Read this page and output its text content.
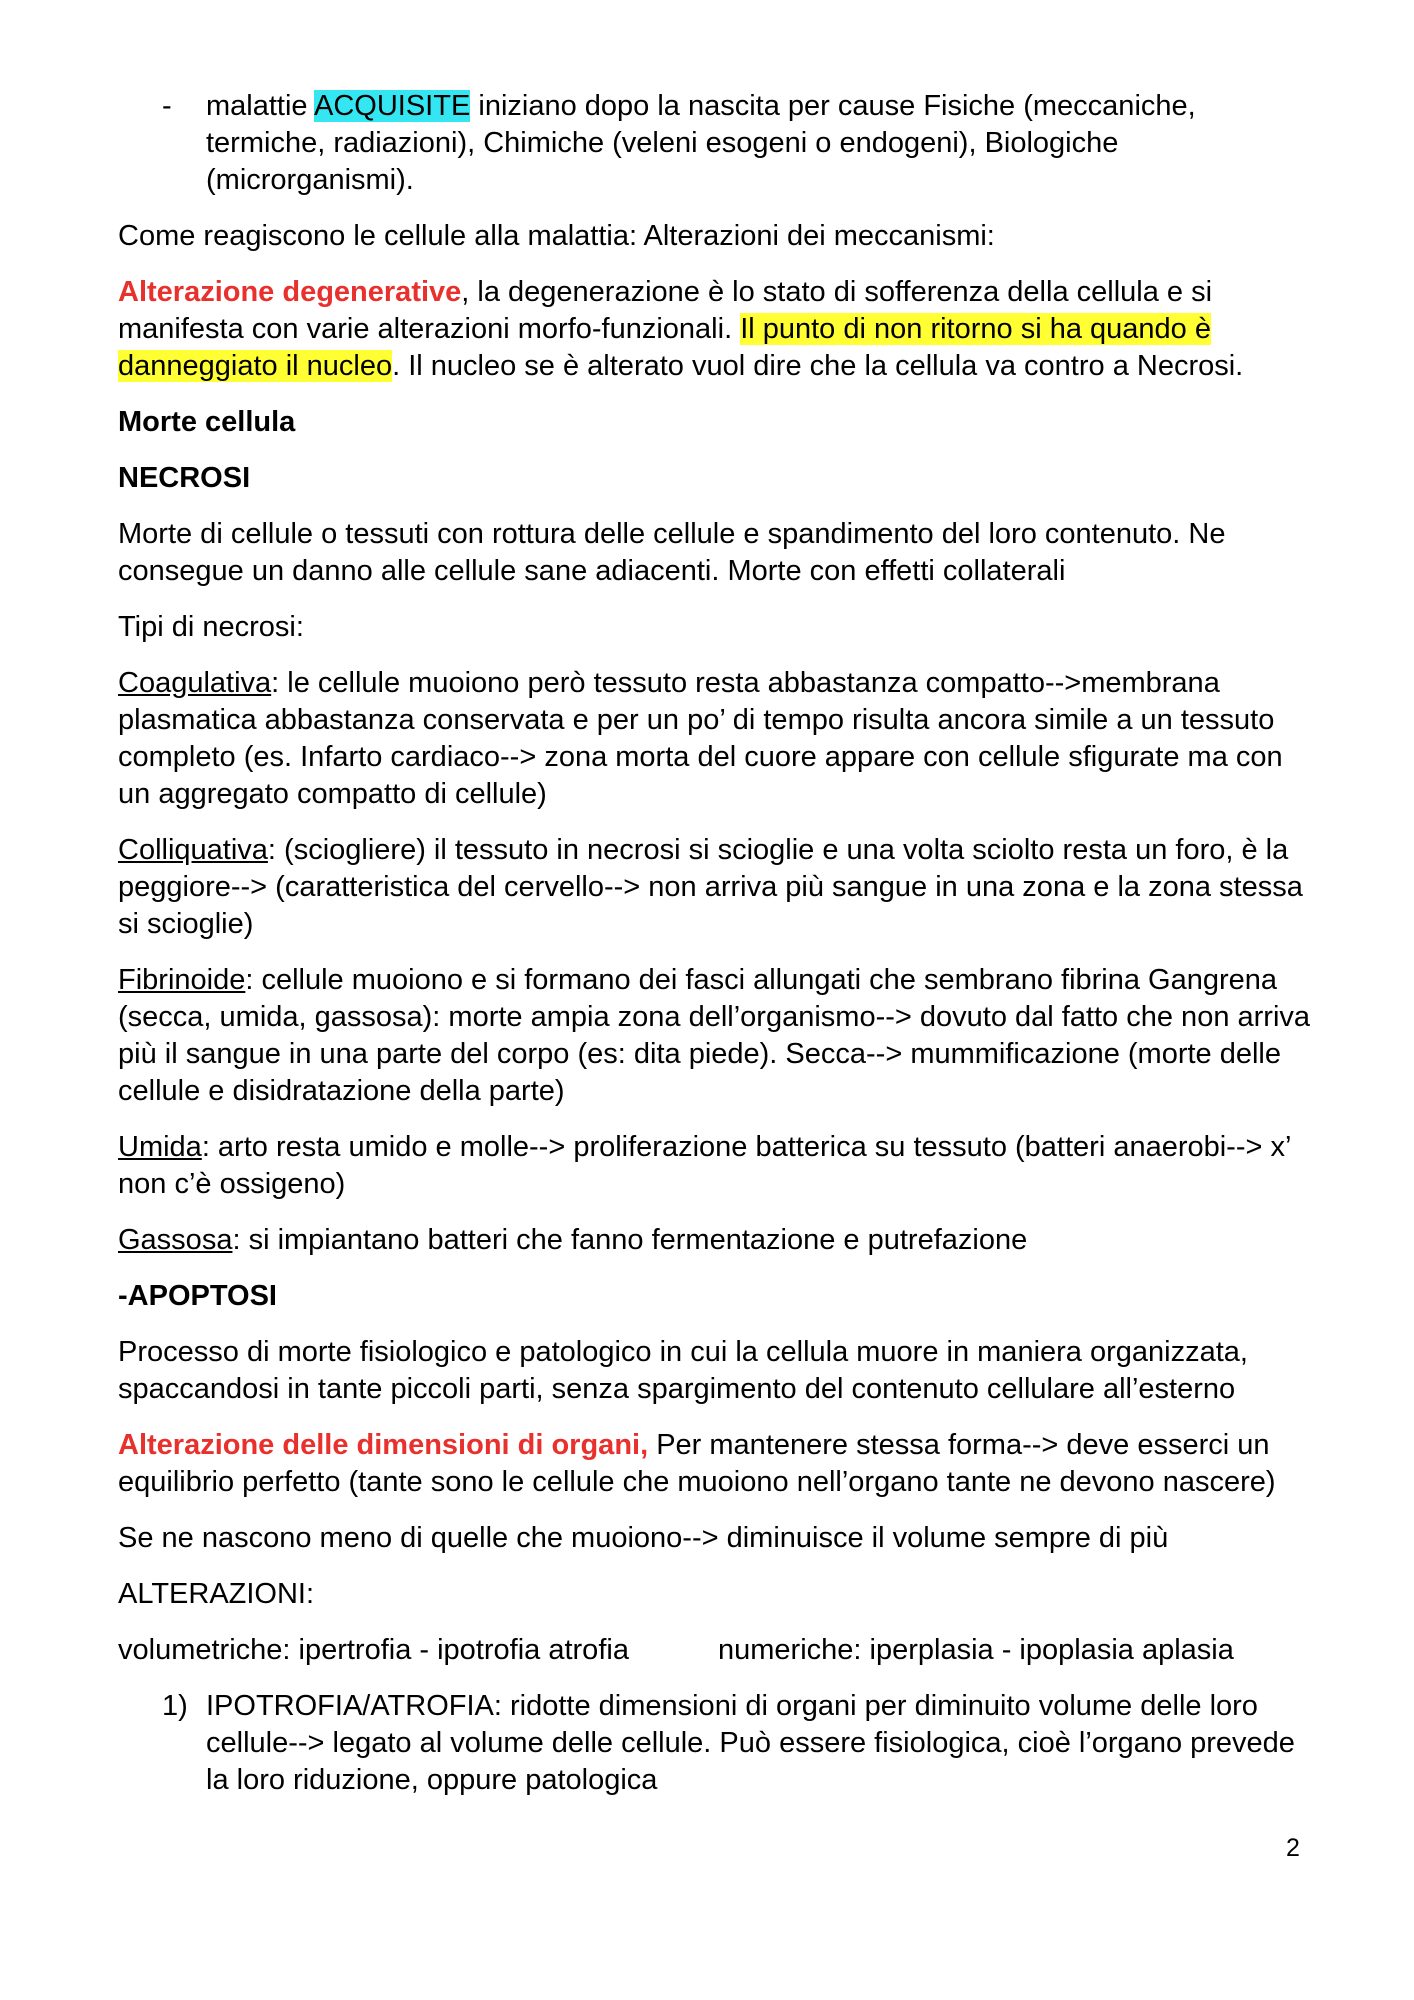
-	malattie ACQUISITE iniziano dopo la nascita per cause Fisiche (meccaniche, termiche, radiazioni), Chimiche (veleni esogeni o endogeni), Biologiche (microrganismi).

Come reagiscono le cellule alla malattia: Alterazioni dei meccanismi:

Alterazione degenerative, la degenerazione è lo stato di sofferenza della cellula e si manifesta con varie alterazioni morfo-funzionali. Il punto di non ritorno si ha quando è danneggiato il nucleo. Il nucleo se è alterato vuol dire che la cellula va contro a Necrosi.

Morte cellula

NECROSI

Morte di cellule o tessuti con rottura delle cellule e spandimento del loro contenuto. Ne consegue un danno alle cellule sane adiacenti. Morte con effetti collaterali

Tipi di necrosi:

Coagulativa: le cellule muoiono però tessuto resta abbastanza compatto-->membrana plasmatica abbastanza conservata e per un po’ di tempo risulta ancora simile a un tessuto completo (es. Infarto cardiaco--> zona morta del cuore appare con cellule sfigurate ma con un aggregato compatto di cellule)

Colliquativa: (sciogliere) il tessuto in necrosi si scioglie e una volta sciolto resta un foro, è la peggiore--> (caratteristica del cervello--> non arriva più sangue in una zona e la zona stessa si scioglie)

Fibrinoide: cellule muoiono e si formano dei fasci allungati che sembrano fibrina Gangrena (secca, umida, gassosa): morte ampia zona dell’organismo--> dovuto dal fatto che non arriva più il sangue in una parte del corpo (es: dita piede). Secca--> mummificazione (morte delle cellule e disidratazione della parte)

Umida: arto resta umido e molle--> proliferazione batterica su tessuto (batteri anaerobi--> x’ non c’è ossigeno)

Gassosa: si impiantano batteri che fanno fermentazione e putrefazione

-APOPTOSI

Processo di morte fisiologico e patologico in cui la cellula muore in maniera organizzata, spaccandosi in tante piccoli parti, senza spargimento del contenuto cellulare all’esterno

Alterazione delle dimensioni di organi, Per mantenere stessa forma--> deve esserci un equilibrio perfetto (tante sono le cellule che muoiono nell’organo tante ne devono nascere)

Se ne nascono meno di quelle che muoiono--> diminuisce il volume sempre di più

ALTERAZIONI:

volumetriche: ipertrofia - ipotrofia atrofia	numeriche: iperplasia - ipoplasia aplasia
1) IPOTROFIA/ATROFIA: ridotte dimensioni di organi per diminuito volume delle loro cellule--> legato al volume delle cellule. Può essere fisiologica, cioè l’organo prevede la loro riduzione, oppure patologica
2
